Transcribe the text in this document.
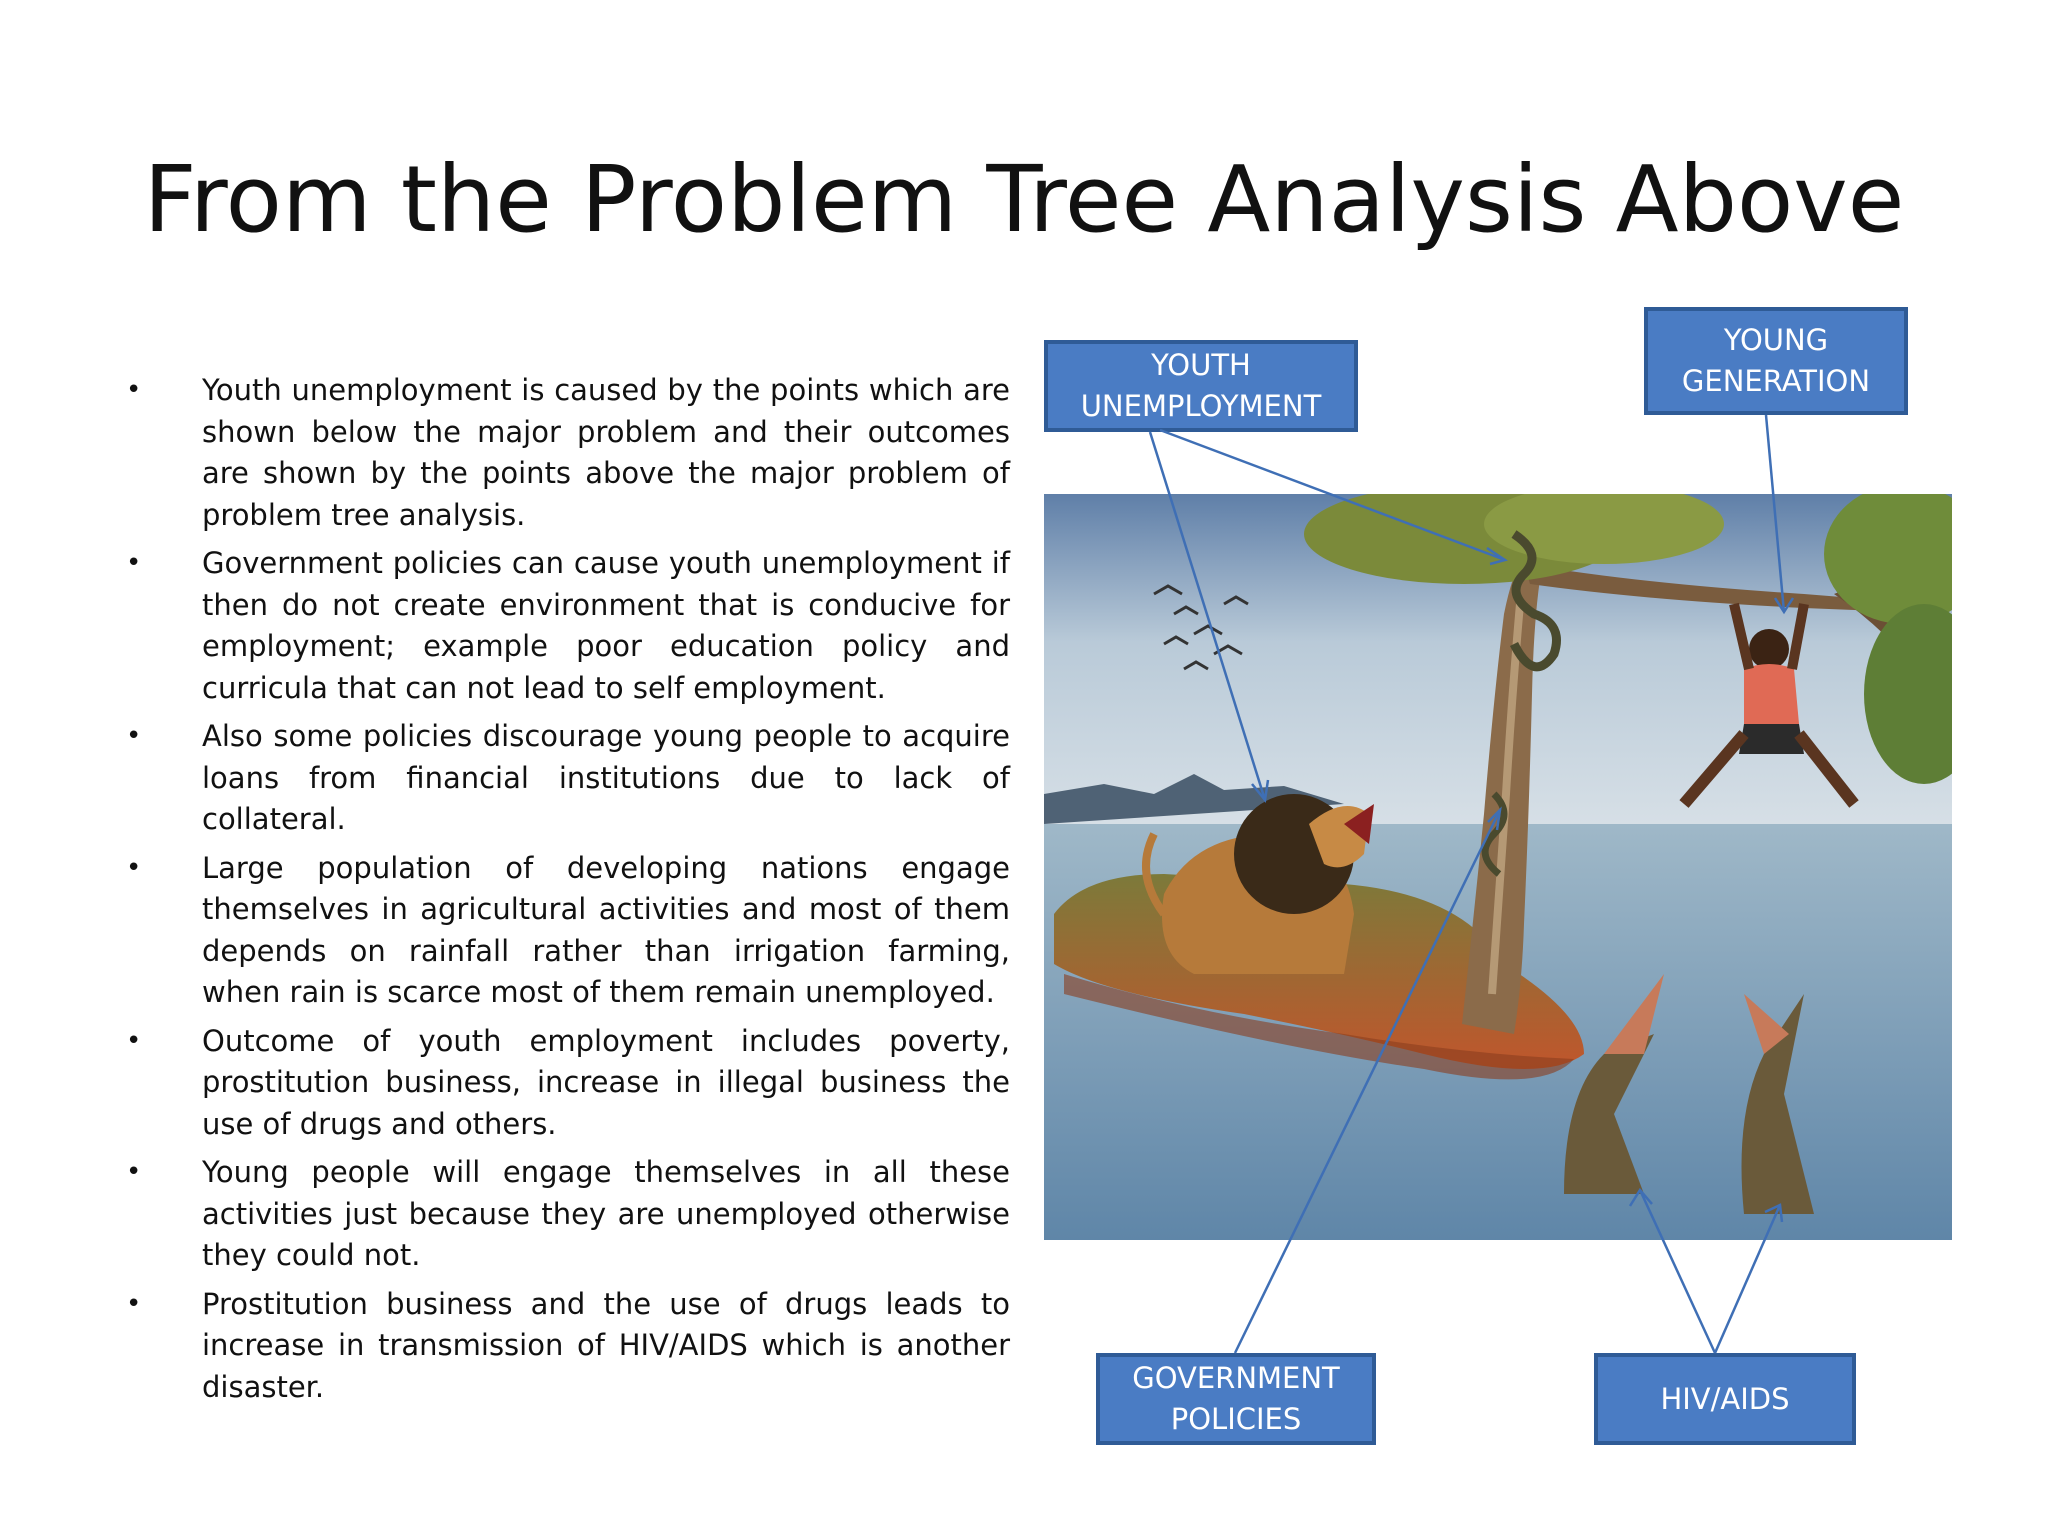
From the Problem Tree Analysis Above
• Youth unemployment is caused by the points which are shown below the major problem and their outcomes are shown by the points above the major problem of problem tree analysis.
• Government policies can cause youth unemployment if then do not create environment that is conducive for employment; example poor education policy and curricula that can not lead to self employment.
• Also some policies discourage young people to acquire loans from financial institutions due to lack of collateral.
• Large population of developing nations engage themselves in agricultural activities and most of them depends on rainfall rather than irrigation farming, when rain is scarce most of them remain unemployed.
• Outcome of youth employment includes poverty, prostitution business, increase in illegal business the use of drugs and others.
• Young people will engage themselves in all these activities just because they are unemployed otherwise they could not.
• Prostitution business and the use of drugs leads to increase in transmission of HIV/AIDS which is another disaster.
YOUTH UNEMPLOYMENT
YOUNG GENERATION
GOVERNMENT POLICIES
HIV/AIDS
